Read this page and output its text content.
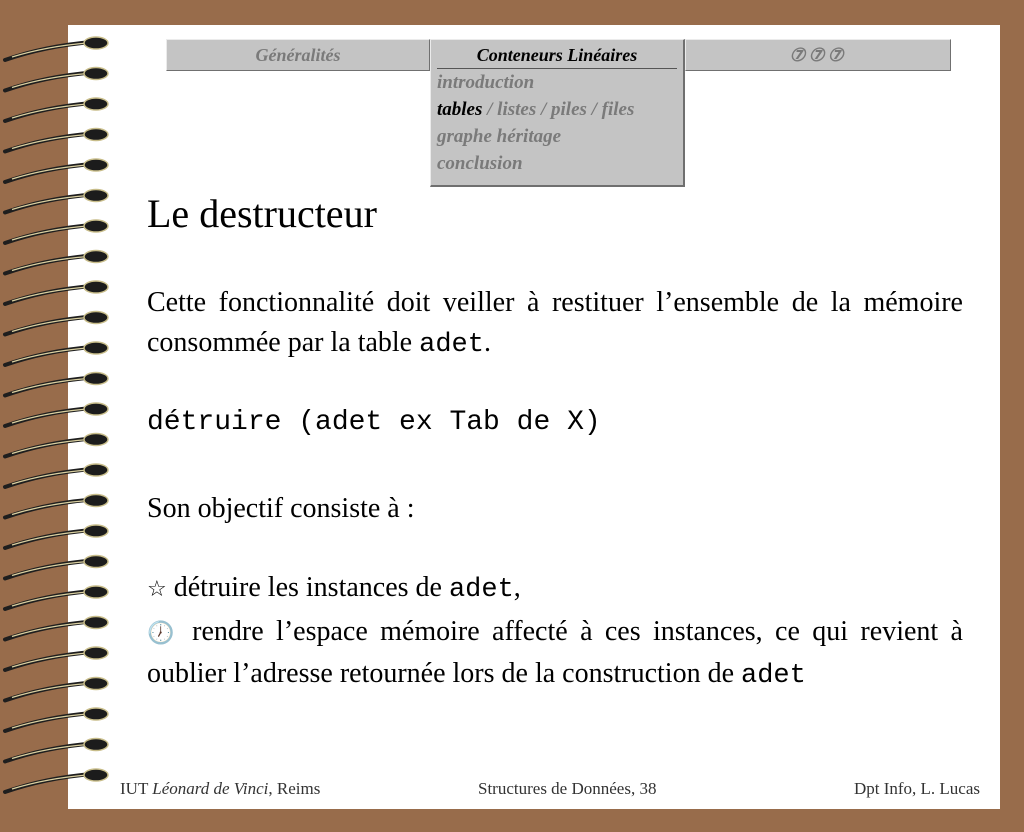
Généralités	Conteneurs Linéaires
introduction
tables / listes / piles / files
graphe héritage
conclusion
⑦⑦⑦
Le destructeur

Cette fonctionnalité doit veiller à restituer l’ensemble de la mémoire consommée par la table adet.

détruire (adet ex Tab de X)

Son objectif consiste à :

☆ détruire les instances de adet,

🕖 rendre l’espace mémoire affecté à ces instances, ce qui revient à oublier l’adresse retournée lors de la construction de adet

IUT Léonard de Vinci, Reims	Structures de Données, 38	Dpt Info, L. Lucas
